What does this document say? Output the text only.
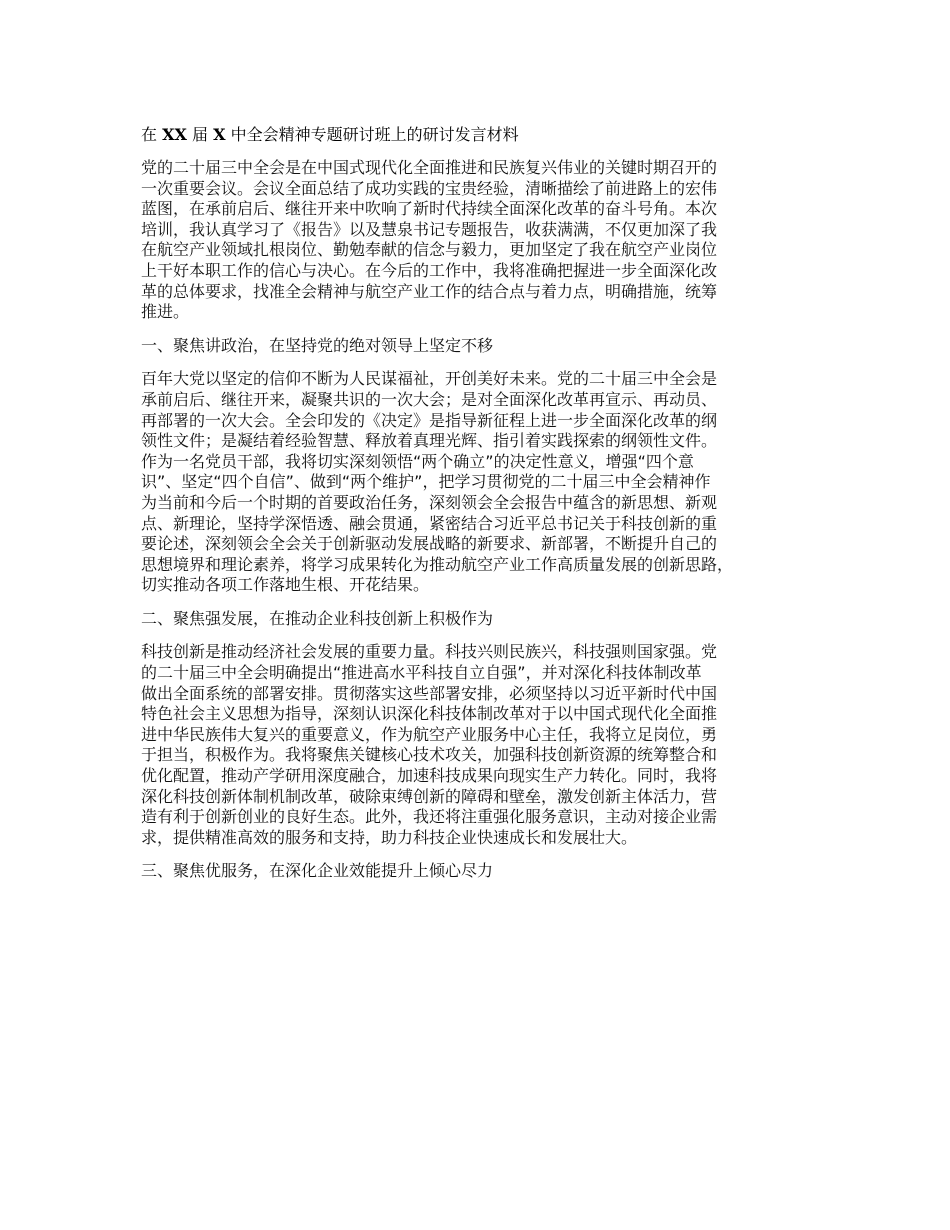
在 XX 届 X 中全会精神专题研讨班上的研讨发言材料
党的二十届三中全会是在中国式现代化全面推进和民族复兴伟业的关键时期召开的
一次重要会议。会议全面总结了成功实践的宝贵经验，清晰描绘了前进路上的宏伟
蓝图，在承前启后、继往开来中吹响了新时代持续全面深化改革的奋斗号角。本次
培训，我认真学习了《报告》以及慧泉书记专题报告，收获满满，不仅更加深了我
在航空产业领域扎根岗位、勤勉奉献的信念与毅力，更加坚定了我在航空产业岗位
上干好本职工作的信心与决心。在今后的工作中，我将准确把握进一步全面深化改
革的总体要求，找准全会精神与航空产业工作的结合点与着力点，明确措施，统筹
推进。
一、聚焦讲政治，在坚持党的绝对领导上坚定不移
百年大党以坚定的信仰不断为人民谋福祉，开创美好未来。党的二十届三中全会是
承前启后、继往开来，凝聚共识的一次大会；是对全面深化改革再宣示、再动员、
再部署的一次大会。全会印发的《决定》是指导新征程上进一步全面深化改革的纲
领性文件；是凝结着经验智慧、释放着真理光辉、指引着实践探索的纲领性文件。
作为一名党员干部，我将切实深刻领悟“两个确立”的决定性意义，增强“四个意
识”、坚定“四个自信”、做到“两个维护”，把学习贯彻党的二十届三中全会精神作
为当前和今后一个时期的首要政治任务，深刻领会全会报告中蕴含的新思想、新观
点、新理论，坚持学深悟透、融会贯通，紧密结合习近平总书记关于科技创新的重
要论述，深刻领会全会关于创新驱动发展战略的新要求、新部署，不断提升自己的
思想境界和理论素养，将学习成果转化为推动航空产业工作高质量发展的创新思路，
切实推动各项工作落地生根、开花结果。
二、聚焦强发展，在推动企业科技创新上积极作为
科技创新是推动经济社会发展的重要力量。科技兴则民族兴，科技强则国家强。党
的二十届三中全会明确提出“推进高水平科技自立自强”，并对深化科技体制改革
做出全面系统的部署安排。贯彻落实这些部署安排，必须坚持以习近平新时代中国
特色社会主义思想为指导，深刻认识深化科技体制改革对于以中国式现代化全面推
进中华民族伟大复兴的重要意义，作为航空产业服务中心主任，我将立足岗位，勇
于担当，积极作为。我将聚焦关键核心技术攻关，加强科技创新资源的统筹整合和
优化配置，推动产学研用深度融合，加速科技成果向现实生产力转化。同时，我将
深化科技创新体制机制改革，破除束缚创新的障碍和壁垒，激发创新主体活力，营
造有利于创新创业的良好生态。此外，我还将注重强化服务意识，主动对接企业需
求，提供精准高效的服务和支持，助力科技企业快速成长和发展壮大。
三、聚焦优服务，在深化企业效能提升上倾心尽力
